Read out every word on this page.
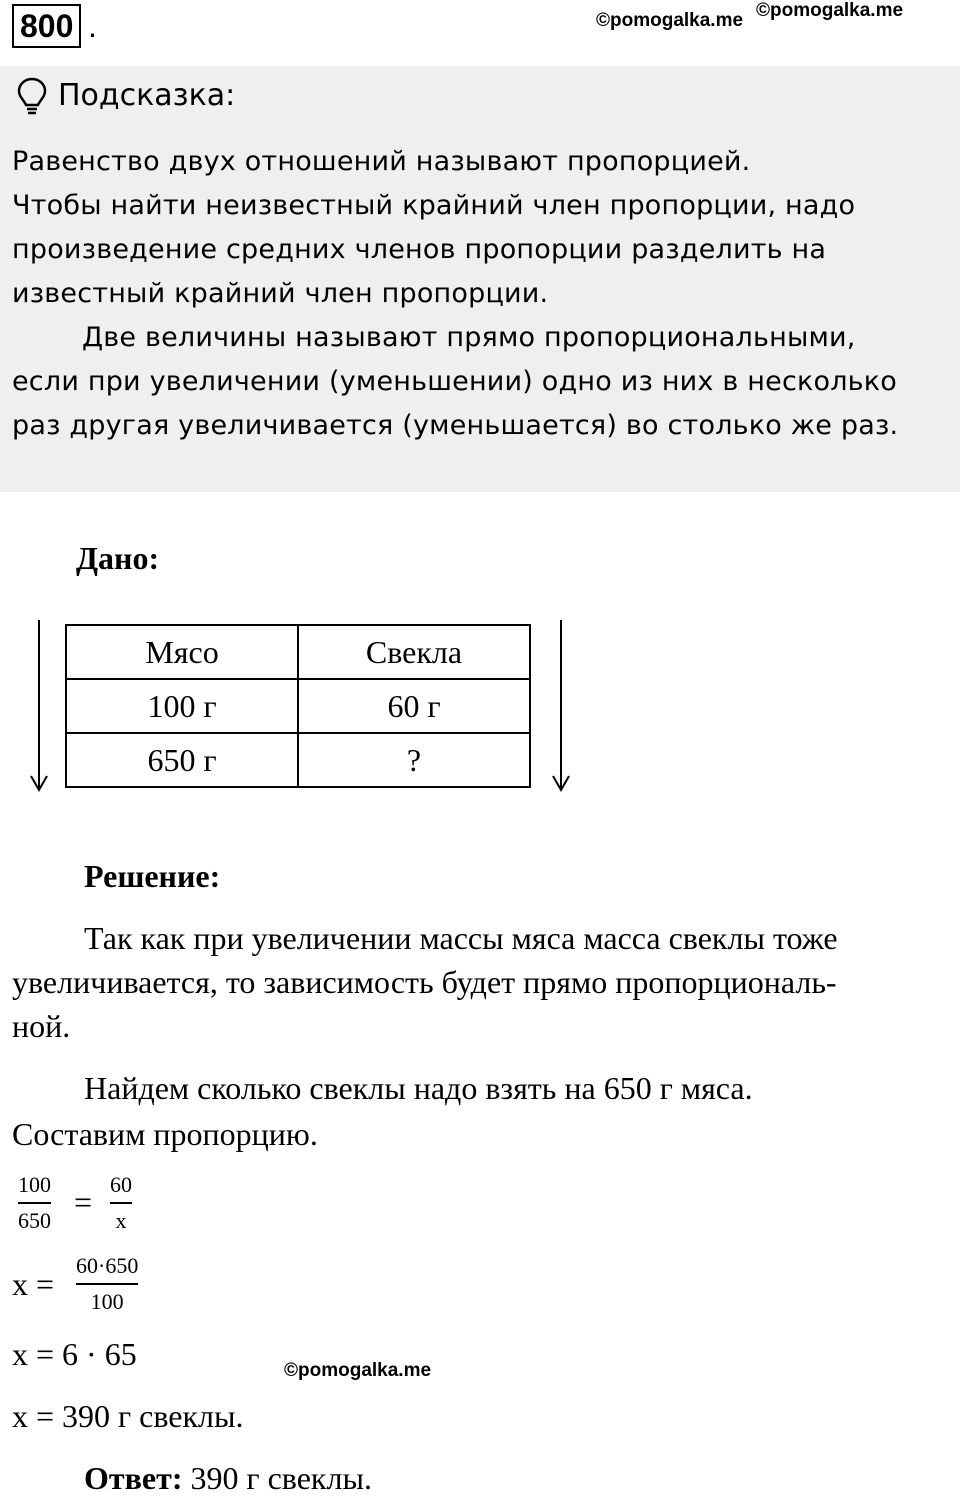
800 .	©pomogalka.me ©pomogalka.me
Подсказка:
Равенство двух отношений называют пропорцией.
Чтобы найти неизвестный крайний член пропорции, надо
произведение средних членов пропорции разделить на
известный крайний член пропорции.
Две величины называют прямо пропорциональными,
если при увеличении (уменьшении) одно из них в несколько
раз другая увеличивается (уменьшается) во столько же раз.
Дано:
Мясо	Свекла
100 г	60 г
650 г	?
Решение:
Так как при увеличении массы мяса масса свеклы тоже
увеличивается, то зависимость будет прямо пропорциональ-
ной.
Найдем сколько свеклы надо взять на 650 г мяса.
Составим пропорцию.
100
650
= 60
x
x =
60·650
100
x = 6 · 65	©pomogalka.me
x = 390 г свеклы.
Ответ: 390 г свеклы.
